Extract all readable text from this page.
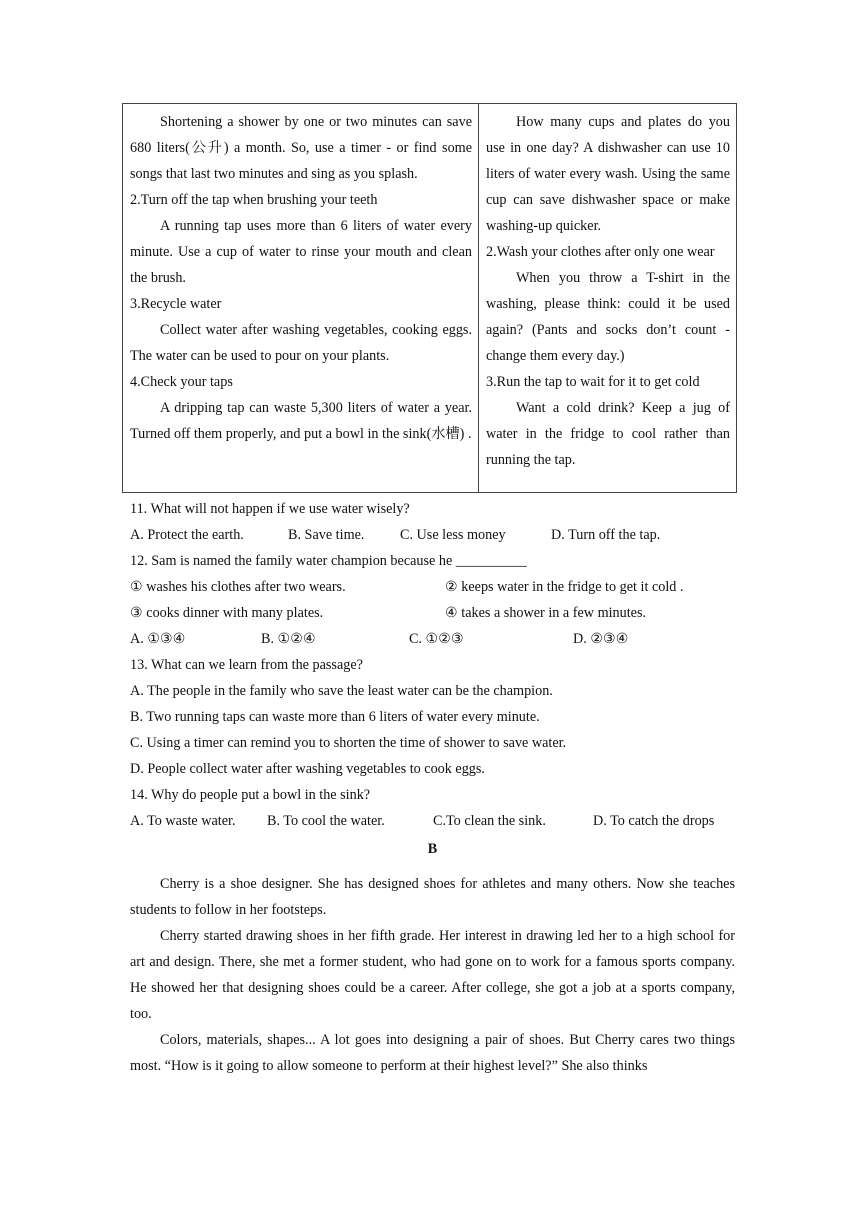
Shortening a shower by one or two minutes can save 680 liters(公升) a month. So, use a timer - or find some songs that last two minutes and sing as you splash.

2.Turn off the tap when brushing your teeth

A running tap uses more than 6 liters of water every minute. Use a cup of water to rinse your mouth and clean the brush.

3.Recycle water

Collect water after washing vegetables, cooking eggs. The water can be used to pour on your plants.

4.Check your taps

A dripping tap can waste 5,300 liters of water a year. Turned off them properly, and put a bowl in the sink(水槽) .

How many cups and plates do you use in one day? A dishwasher can use 10 liters of water every wash. Using the same cup can save dishwasher space or make washing-up quicker.

2.Wash your clothes after only one wear

When you throw a T-shirt in the washing, please think: could it be used again? (Pants and socks don’t count - change them every day.)

3.Run the tap to wait for it to get cold

Want a cold drink? Keep a jug of water in the fridge to cool rather than running the tap.

11. What will not happen if we use water wisely?
A. Protect the earth.	B. Save time.	C. Use less money	D. Turn off the tap.
12. Sam is named the family water champion because he __________
① washes his clothes after two wears.	② keeps water in the fridge to get it cold .
③ cooks dinner with many plates.	④ takes a shower in a few minutes.
A. ①③④	B. ①②④	C. ①②③	D. ②③④
13. What can we learn from the passage?
A. The people in the family who save the least water can be the champion.
B. Two running taps can waste more than 6 liters of water every minute.
C. Using a timer can remind you to shorten the time of shower to save water.
D. People collect water after washing vegetables to cook eggs.
14. Why do people put a bowl in the sink?
A. To waste water. B. To cool the water.	C.To clean the sink.	D. To catch the drops
B

Cherry is a shoe designer. She has designed shoes for athletes and many others. Now she teaches students to follow in her footsteps.

Cherry started drawing shoes in her fifth grade. Her interest in drawing led her to a high school for art and design. There, she met a former student, who had gone on to work for a famous sports company. He showed her that designing shoes could be a career. After college, she got a job at a sports company, too.

Colors, materials, shapes... A lot goes into designing a pair of shoes. But Cherry cares two things most. “How is it going to allow someone to perform at their highest level?” She also thinks
